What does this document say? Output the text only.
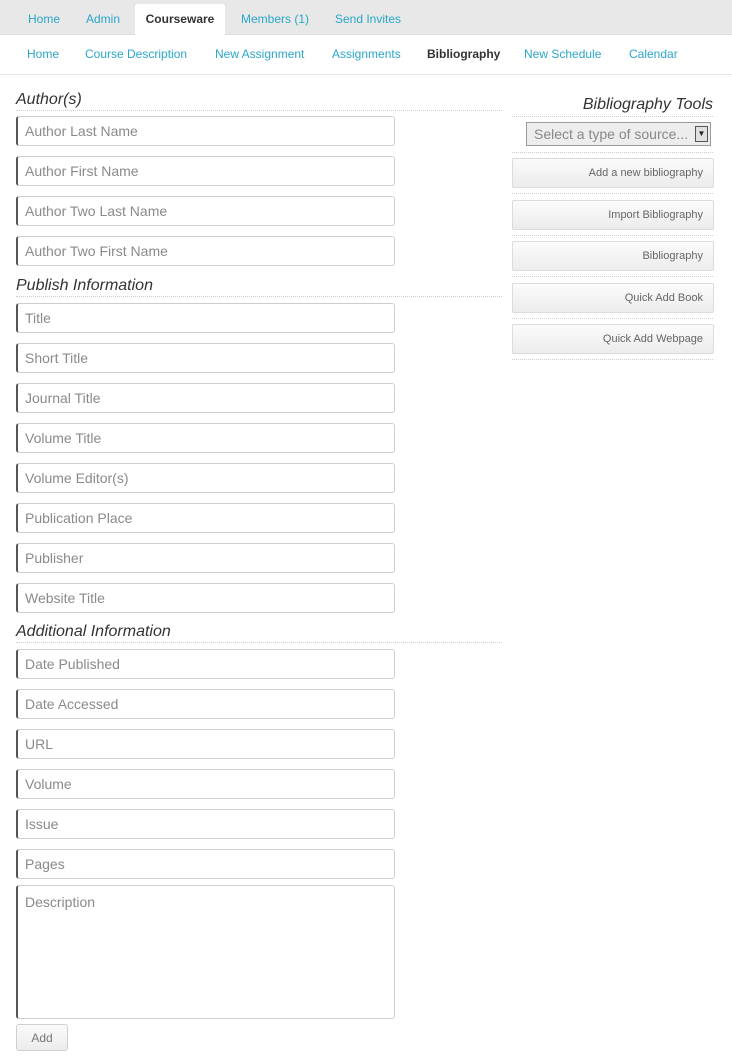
Home	Admin	Courseware	Members (1)	Send Invites
Home Course Description New Assignment Assignments Bibliography New Schedule Calendar
Author(s)
Author Last Name
Author First Name
Author Two Last Name
Author Two First Name
Publish Information
Title
Short Title
Journal Title
Volume Title
Volume Editor(s)
Publication Place
Publisher
Website Title
Additional Information
Date Published
Date Accessed
URL
Volume
Issue
Pages
Description
Add
Bibliography Tools
Select a type of source...	▼
Add a new bibliography
Import Bibliography
Bibliography
Quick Add Book
Quick Add Webpage
